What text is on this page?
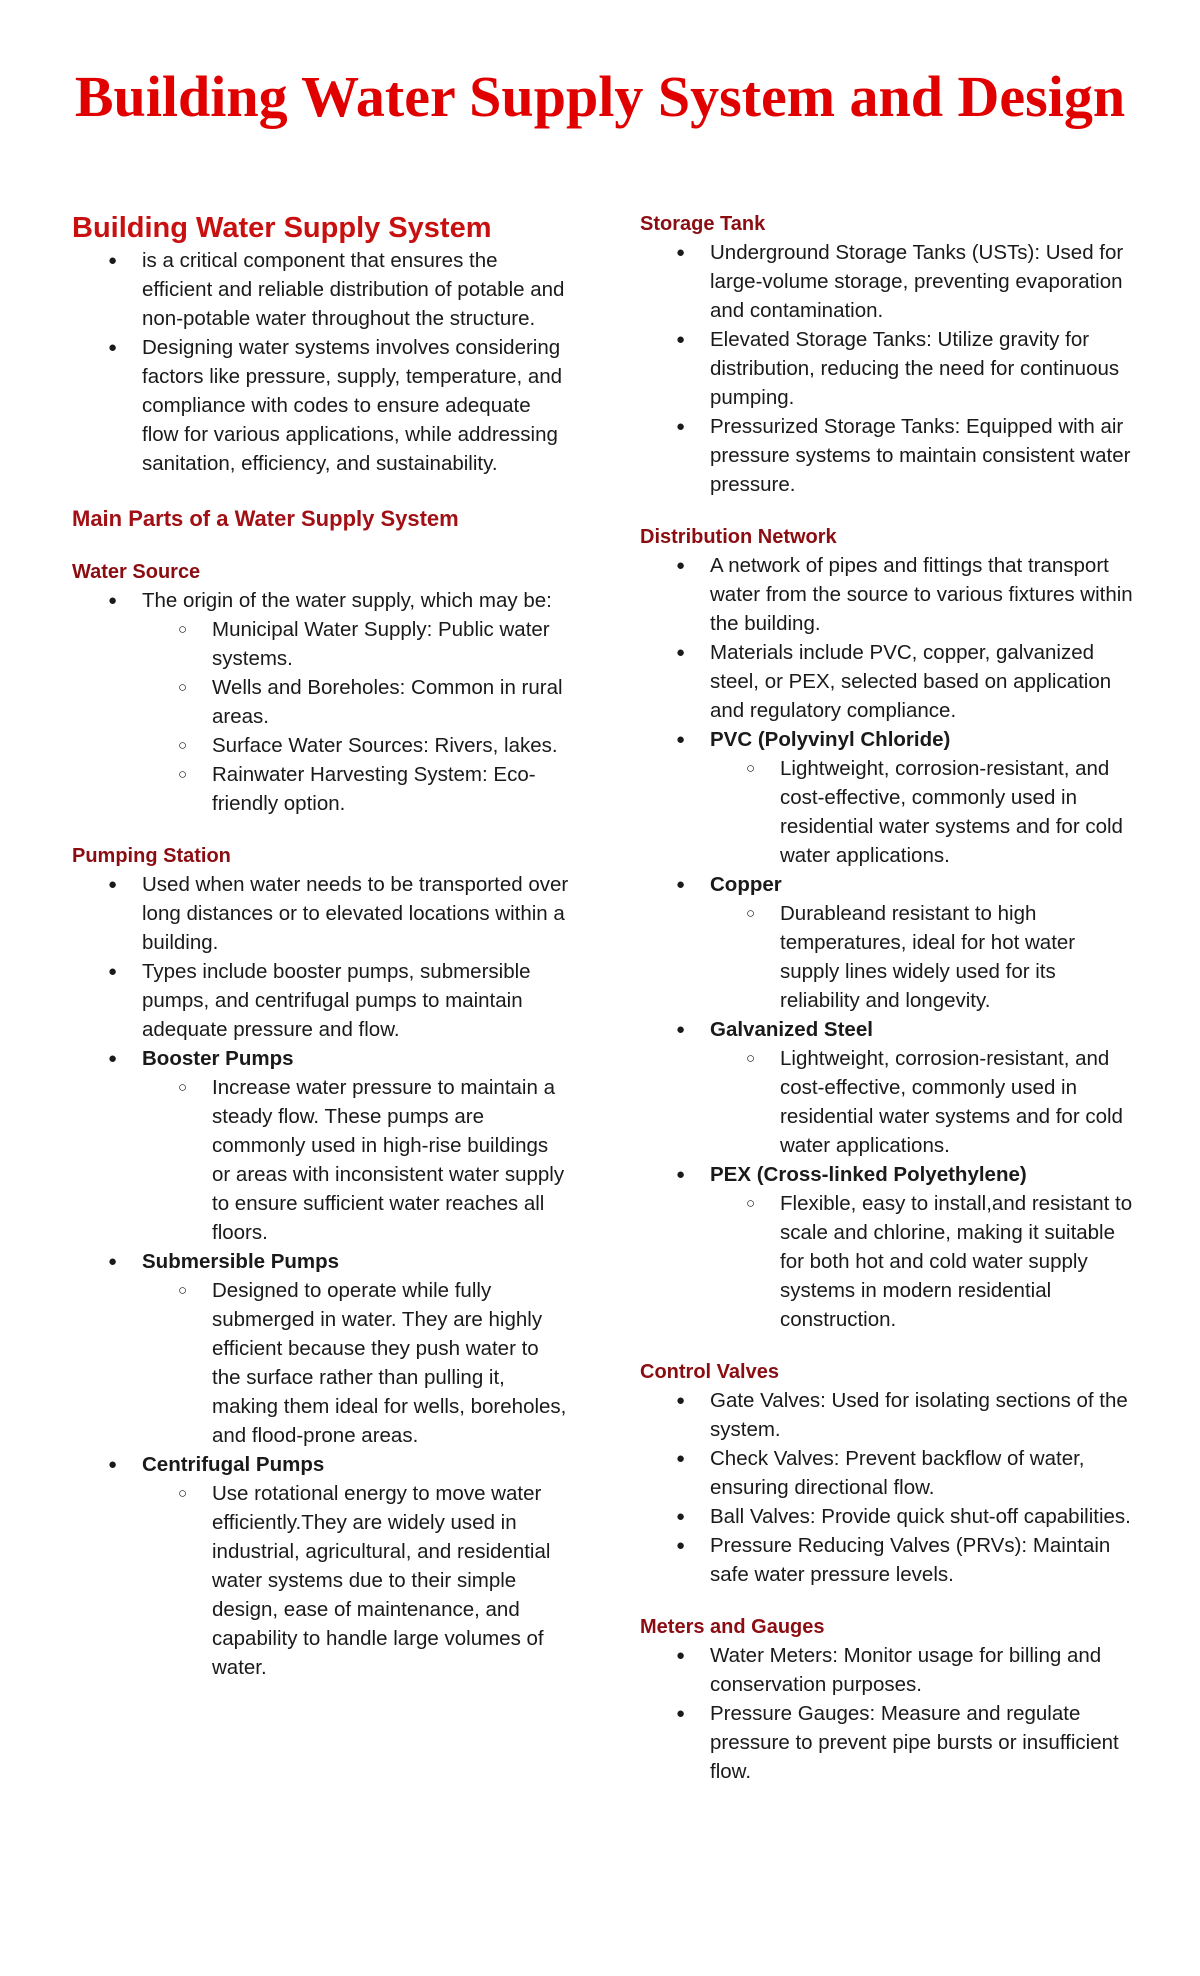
Building Water Supply System and Design
Building Water Supply System
● is a critical component that ensures the efficient and reliable distribution of potable and non-potable water throughout the structure.
● Designing water systems involves considering factors like pressure, supply, temperature, and compliance with codes to ensure adequate flow for various applications, while addressing sanitation, efficiency, and sustainability.
Main Parts of a Water Supply System
Water Source
● The origin of the water supply, which may be:
○ Municipal Water Supply: Public water systems.
○ Wells and Boreholes: Common in rural areas.
○ Surface Water Sources: Rivers, lakes.
○ Rainwater Harvesting System: Eco-friendly option.
Pumping Station
● Used when water needs to be transported over long distances or to elevated locations within a building.
● Types include booster pumps, submersible pumps, and centrifugal pumps to maintain adequate pressure and flow.
● Booster Pumps
○ Increase water pressure to maintain a steady flow. These pumps are commonly used in high-rise buildings or areas with inconsistent water supply to ensure sufficient water reaches all floors.
● Submersible Pumps
○ Designed to operate while fully submerged in water. They are highly efficient because they push water to the surface rather than pulling it, making them ideal for wells, boreholes, and flood-prone areas.
● Centrifugal Pumps
○ Use rotational energy to move water efficiently.They are widely used in industrial, agricultural, and residential water systems due to their simple design, ease of maintenance, and capability to handle large volumes of water.
Storage Tank
● Underground Storage Tanks (USTs): Used for large-volume storage, preventing evaporation and contamination.
● Elevated Storage Tanks: Utilize gravity for distribution, reducing the need for continuous pumping.
● Pressurized Storage Tanks: Equipped with air pressure systems to maintain consistent water pressure.
Distribution Network
● A network of pipes and fittings that transport water from the source to various fixtures within the building.
● Materials include PVC, copper, galvanized steel, or PEX, selected based on application and regulatory compliance.
● PVC (Polyvinyl Chloride)
○ Lightweight, corrosion-resistant, and cost-effective, commonly used in residential water systems and for cold water applications.
● Copper
○ Durableand resistant to high temperatures, ideal for hot water supply lines widely used for its reliability and longevity.
● Galvanized Steel
○ Lightweight, corrosion-resistant, and cost-effective, commonly used in residential water systems and for cold water applications.
● PEX (Cross-linked Polyethylene)
○ Flexible, easy to install,and resistant to scale and chlorine, making it suitable for both hot and cold water supply systems in modern residential construction.
Control Valves
● Gate Valves: Used for isolating sections of the system.
● Check Valves: Prevent backflow of water, ensuring directional flow.
● Ball Valves: Provide quick shut-off capabilities.
● Pressure Reducing Valves (PRVs): Maintain safe water pressure levels.
Meters and Gauges
● Water Meters: Monitor usage for billing and conservation purposes.
● Pressure Gauges: Measure and regulate pressure to prevent pipe bursts or insufficient flow.
